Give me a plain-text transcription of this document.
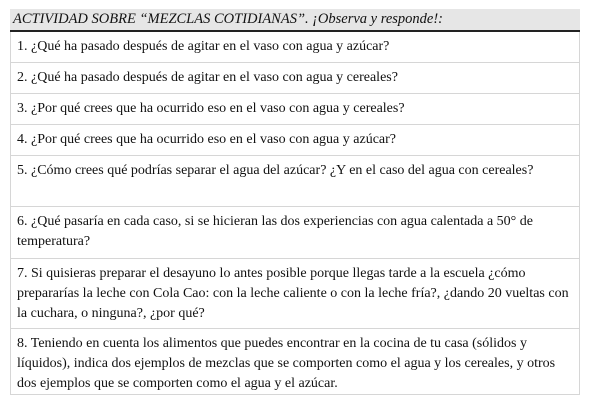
ACTIVIDAD SOBRE “MEZCLAS COTIDIANAS”. ¡Observa y responde!:
1. ¿Qué ha pasado después de agitar en el vaso con agua y azúcar?
2. ¿Qué ha pasado después de agitar en el vaso con agua y cereales?
3. ¿Por qué crees que ha ocurrido eso en el vaso con agua y cereales?
4. ¿Por qué crees que ha ocurrido eso en el vaso con agua y azúcar?
5. ¿Cómo crees qué podrías separar el agua del azúcar? ¿Y en el caso del agua con cereales?
6. ¿Qué pasaría en cada caso, si se hicieran las dos experiencias con agua calentada a 50° de temperatura?
7. Si quisieras preparar el desayuno lo antes posible porque llegas tarde a la escuela ¿cómo prepararías la leche con Cola Cao: con la leche caliente o con la leche fría?, ¿dando 20 vueltas con la cuchara, o ninguna?, ¿por qué?
8. Teniendo en cuenta los alimentos que puedes encontrar en la cocina de tu casa (sólidos y líquidos), indica dos ejemplos de mezclas que se comporten como el agua y los cereales, y otros dos ejemplos que se comporten como el agua y el azúcar.
